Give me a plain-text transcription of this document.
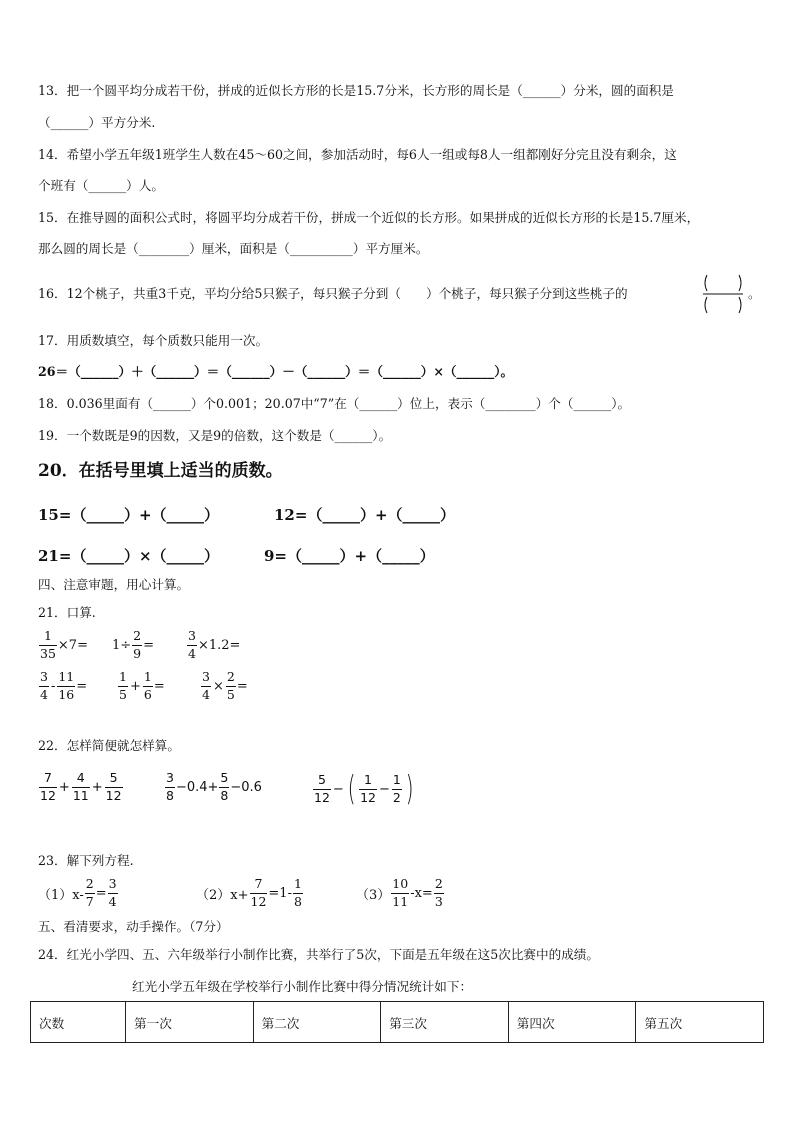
13．把一个圆平均分成若干份，拼成的近似长方形的长是15.7分米，长方形的周长是（______）分米，圆的面积是
（______）平方分米.
14．希望小学五年级1班学生人数在45～60之间，参加活动时，每6人一组或每8人一组都刚好分完且没有剩余，这
个班有（______）人。
15．在推导圆的面积公式时，将圆平均分成若干份，拼成一个近似的长方形。如果拼成的近似长方形的长是15.7厘米，
那么圆的周长是（________）厘米，面积是（__________）平方厘米。
16．12个桃子，共重3千克，平均分给5只猴子，每只猴子分到（　　）个桃子，每只猴子分到这些桃子的	。
17．用质数填空，每个质数只能用一次。
26＝（______）＋（______）＝（______）－（______）＝（______）×（______）。
18．0.036里面有（______）个0.001；20.07中“7”在（______）位上，表示（________）个（______）。
19．一个数既是9的因数，又是9的倍数，这个数是（______）。
20．在括号里填上适当的质数。
15=（_____）+（_____）	12=（_____）+（_____）
21=（_____）×（_____）	9=（_____）+（_____）
四、注意审题，用心计算。
21．口算.
$\frac{1}{35} \times 7= 1\div \frac{2}{9}$ =	$\frac{3}{4} \times 1.2=$
$\frac{3}{4} - \frac{11}{16} = \frac{1}{5} + \frac{1}{6}$ =	$\frac{3}{4} \times \frac{2}{5}$ =
22．怎样简便就怎样算。
$\frac{7}{12} + \frac{4}{11} + \frac{5}{12}$	$\frac{3}{8} -0.4+ \frac{5}{8} -0.6$	$\frac{5}{12}$ − ( $\frac{1}{12} - \frac{1}{2}$ )
23．解下列方程.
$(1)x- \frac{2}{7} = \frac{3}{4}$	$(2)x+ \frac{7}{12} =1- \frac{1}{8}$	$(3) \frac{10}{11} -x= \frac{2}{3}$
五、看清要求，动手操作。（7分）
24．红光小学四、五、六年级举行小制作比赛，共举行了5次，下面是五年级在这5次比赛中的成绩。
红光小学五年级在学校举行小制作比赛中得分情况统计如下：
次数	第一次	第二次	第三次	第四次	第五次
